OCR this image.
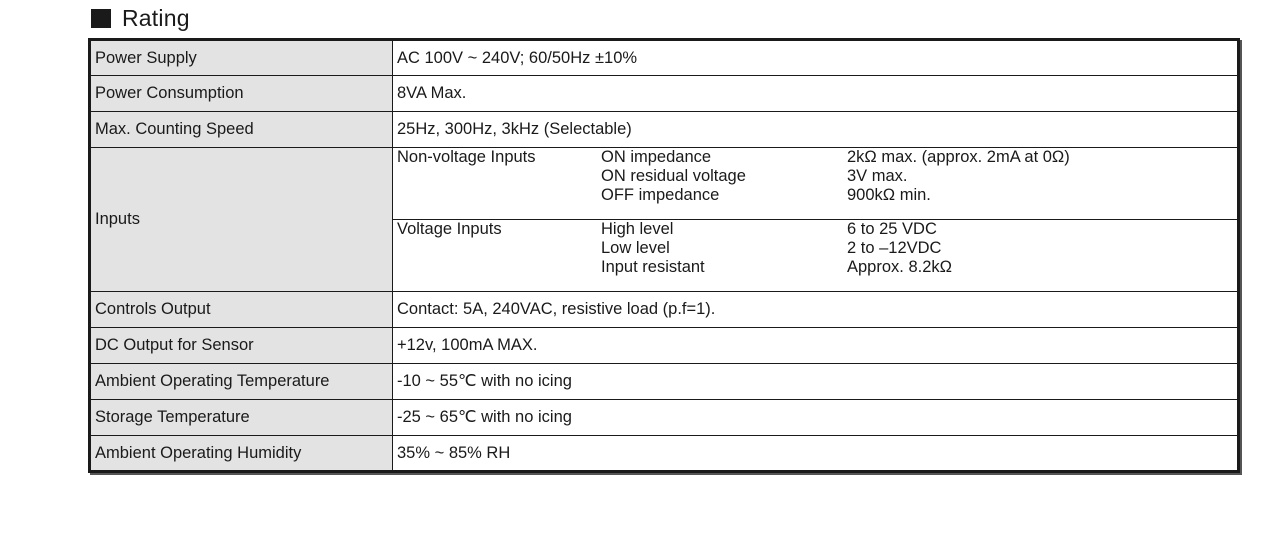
Rating
Power Supply	AC 100V ~ 240V; 60/50Hz ±10%
Power Consumption	8VA Max.
Max. Counting Speed	25Hz, 300Hz, 3kHz (Selectable)
Inputs	
Non-voltage Inputs	ON impedance	2kΩ max. (approx. 2mA at 0Ω)
	ON residual voltage	3V max.
	OFF impedance	900kΩ min.

Voltage Inputs	High level	6 to 25 VDC
	Low level	2 to –12VDC
	Input resistant	Approx. 8.2kΩ

Controls Output	Contact: 5A, 240VAC, resistive load (p.f=1).
DC Output for Sensor	+12v, 100mA MAX.
Ambient Operating Temperature	-10 ~ 55℃ with no icing
Storage Temperature	-25 ~ 65℃ with no icing
Ambient Operating Humidity	35% ~ 85% RH
